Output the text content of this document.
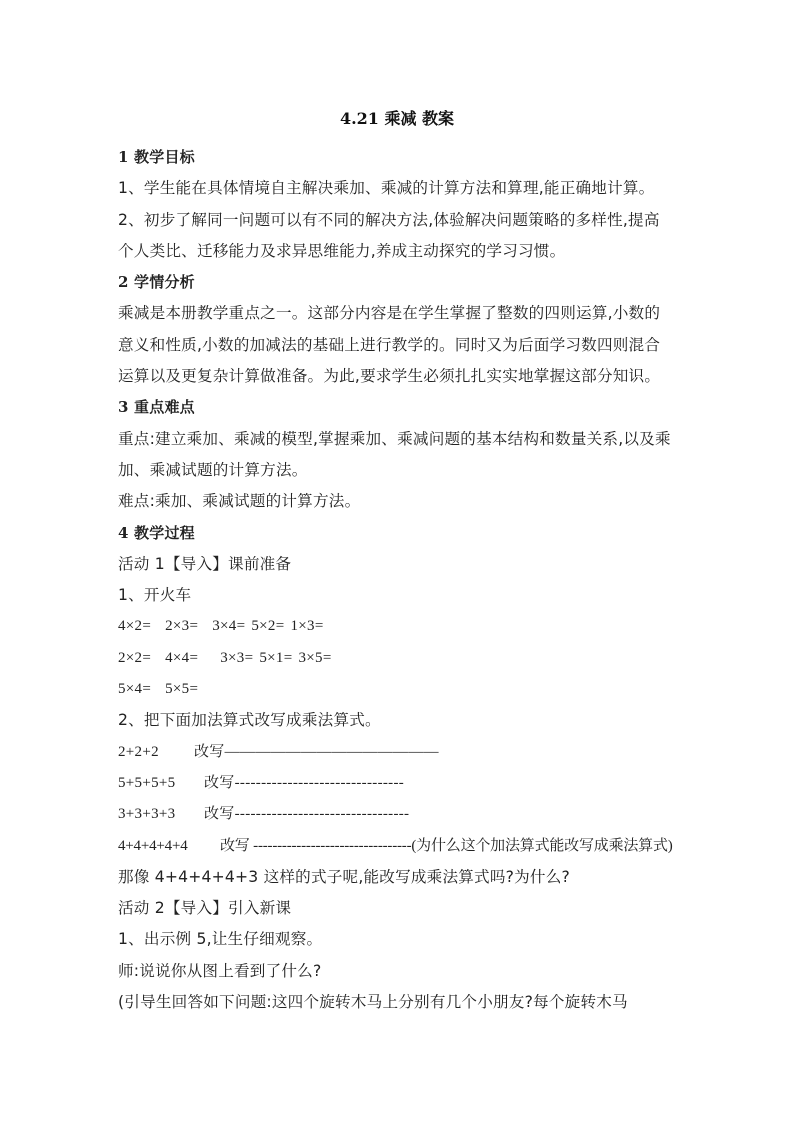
4.21 乘减 教案
1 教学目标
1、学生能在具体情境自主解决乘加、乘减的计算方法和算理,能正确地计算。
2、初步了解同一问题可以有不同的解决方法,体验解决问题策略的多样性,提高
个人类比、迁移能力及求异思维能力,养成主动探究的学习习惯。
2 学情分析
乘减是本册教学重点之一。这部分内容是在学生掌握了整数的四则运算,小数的
意义和性质,小数的加减法的基础上进行教学的。同时又为后面学习数四则混合
运算以及更复杂计算做准备。为此,要求学生必须扎扎实实地掌握这部分知识。
3 重点难点
重点:建立乘加、乘减的模型,掌握乘加、乘减问题的基本结构和数量关系,以及乘
加、乘减试题的计算方法。
难点:乘加、乘减试题的计算方法。
4 教学过程
活动 1【导入】课前准备
1、开火车
4×2= 2×3= 3×4= 5×2= 1×3=
2×2= 4×4= 3×3= 5×1= 3×5=
5×4= 5×5=
2、把下面加法算式改写成乘法算式。
2+2+2 改写——————————————
5+5+5+5 改写--------------------------------
3+3+3+3 改写---------------------------------
4+4+4+4+4 改写 ---------------------------------(为什么这个加法算式能改写成乘法算式)
那像 4+4+4+4+3 这样的式子呢,能改写成乘法算式吗?为什么?
活动 2【导入】引入新课
1、出示例 5,让生仔细观察。
师:说说你从图上看到了什么?
(引导生回答如下问题:这四个旋转木马上分别有几个小朋友?每个旋转木马
